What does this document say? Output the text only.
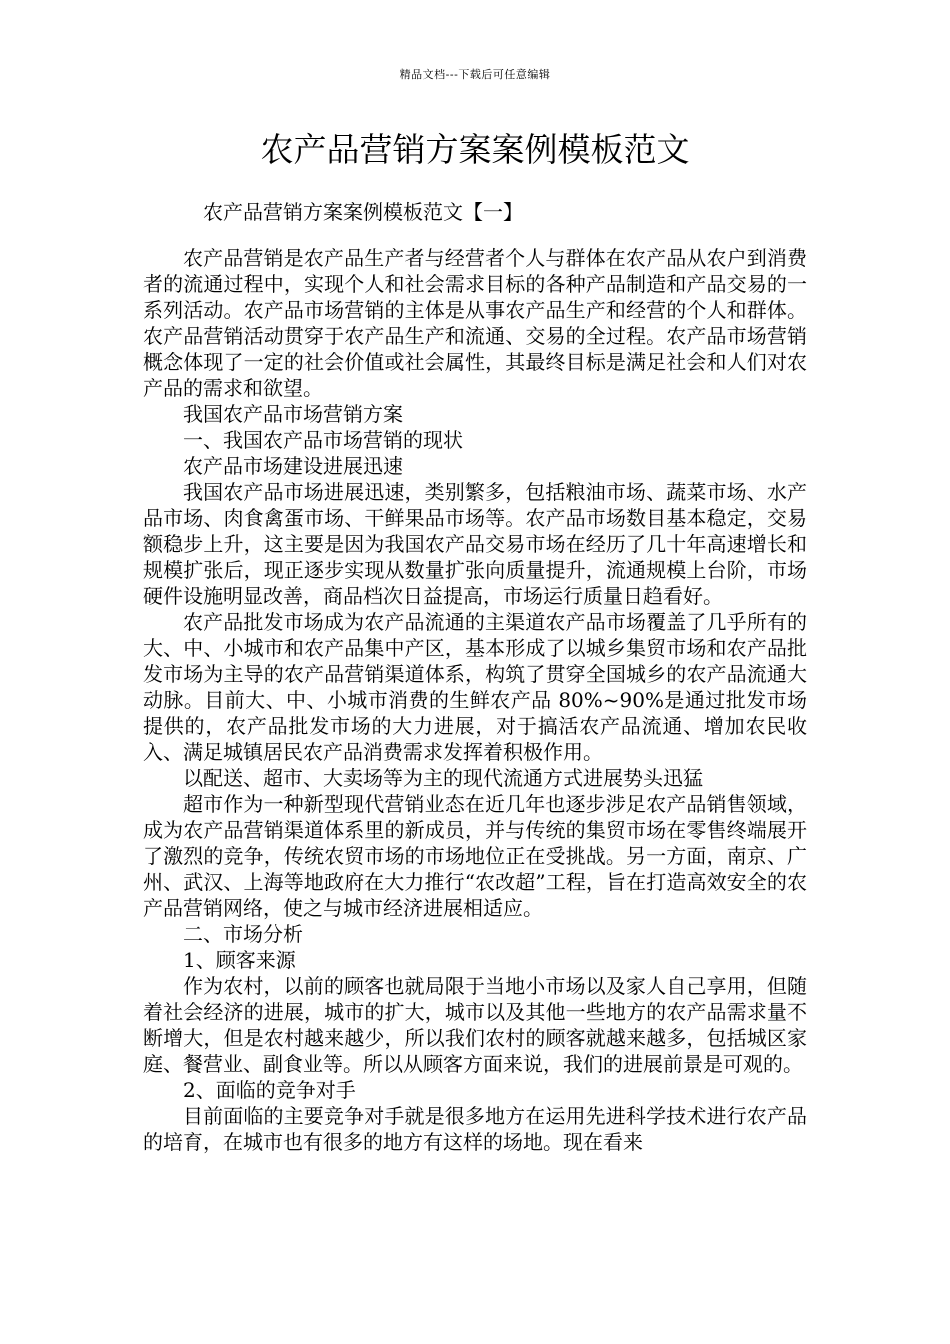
精品文档---下载后可任意编辑
农产品营销方案案例模板范文
农产品营销方案案例模板范文【一】

农产品营销是农产品生产者与经营者个人与群体在农产品从农户到消费者的流通过程中，实现个人和社会需求目标的各种产品制造和产品交易的一系列活动。农产品市场营销的主体是从事农产品生产和经营的个人和群体。农产品营销活动贯穿于农产品生产和流通、交易的全过程。农产品市场营销概念体现了一定的社会价值或社会属性，其最终目标是满足社会和人们对农产品的需求和欲望。

我国农产品市场营销方案

一、我国农产品市场营销的现状

农产品市场建设进展迅速

我国农产品市场进展迅速，类别繁多，包括粮油市场、蔬菜市场、水产品市场、肉食禽蛋市场、干鲜果品市场等。农产品市场数目基本稳定，交易额稳步上升，这主要是因为我国农产品交易市场在经历了几十年高速增长和规模扩张后，现正逐步实现从数量扩张向质量提升，流通规模上台阶，市场硬件设施明显改善，商品档次日益提高，市场运行质量日趋看好。

农产品批发市场成为农产品流通的主渠道农产品市场覆盖了几乎所有的大、中、小城市和农产品集中产区，基本形成了以城乡集贸市场和农产品批发市场为主导的农产品营销渠道体系，构筑了贯穿全国城乡的农产品流通大动脉。目前大、中、小城市消费的生鲜农产品 80%~90%是通过批发市场提供的，农产品批发市场的大力进展，对于搞活农产品流通、增加农民收入、满足城镇居民农产品消费需求发挥着积极作用。

以配送、超市、大卖场等为主的现代流通方式进展势头迅猛

超市作为一种新型现代营销业态在近几年也逐步涉足农产品销售领域，成为农产品营销渠道体系里的新成员，并与传统的集贸市场在零售终端展开了激烈的竞争，传统农贸市场的市场地位正在受挑战。另一方面，南京、广州、武汉、上海等地政府在大力推行“农改超”工程，旨在打造高效安全的农产品营销网络，使之与城市经济进展相适应。

二、市场分析

1、顾客来源

作为农村，以前的顾客也就局限于当地小市场以及家人自己享用，但随着社会经济的进展，城市的扩大，城市以及其他一些地方的农产品需求量不断增大，但是农村越来越少，所以我们农村的顾客就越来越多，包括城区家庭、餐营业、副食业等。所以从顾客方面来说，我们的进展前景是可观的。

2、面临的竞争对手

目前面临的主要竞争对手就是很多地方在运用先进科学技术进行农产品的培育，在城市也有很多的地方有这样的场地。现在看来
